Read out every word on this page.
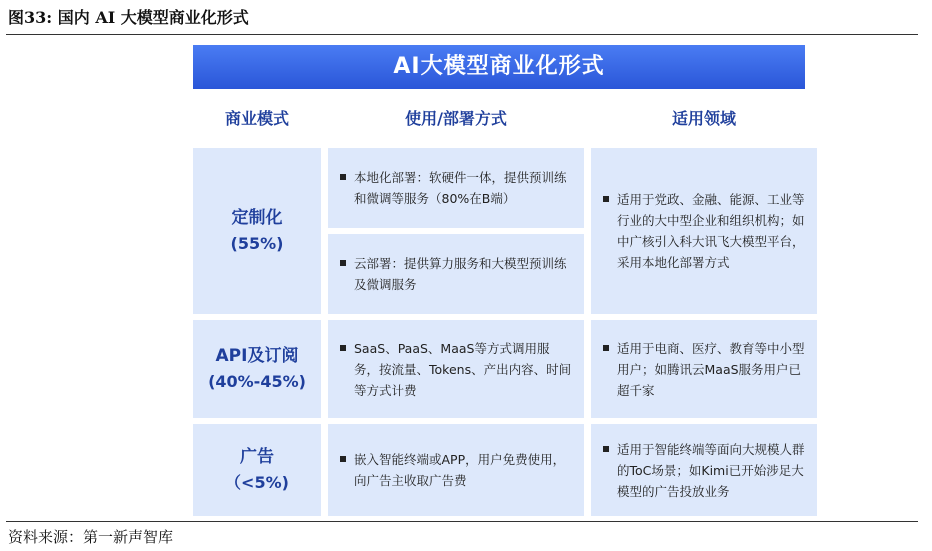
图33: 国内 AI 大模型商业化形式
AI大模型商业化形式
商业模式	使用/部署方式	适用领域
定制化
(55%)
本地化部署：软硬件一体，提供预训练和微调等服务（80%在B端）
云部署：提供算力服务和大模型预训练及微调服务
适用于党政、金融、能源、工业等行业的大中型企业和组织机构；如中广核引入科大讯飞大模型平台，采用本地化部署方式
API及订阅
(40%-45%)
SaaS、PaaS、MaaS等方式调用服务，按流量、Tokens、产出内容、时间等方式计费
适用于电商、医疗、教育等中小型用户；如腾讯云MaaS服务用户已超千家
广告
（<5%)
嵌入智能终端或APP，用户免费使用，向广告主收取广告费
适用于智能终端等面向大规模人群的ToC场景；如Kimi已开始涉足大模型的广告投放业务
资料来源：第一新声智库
